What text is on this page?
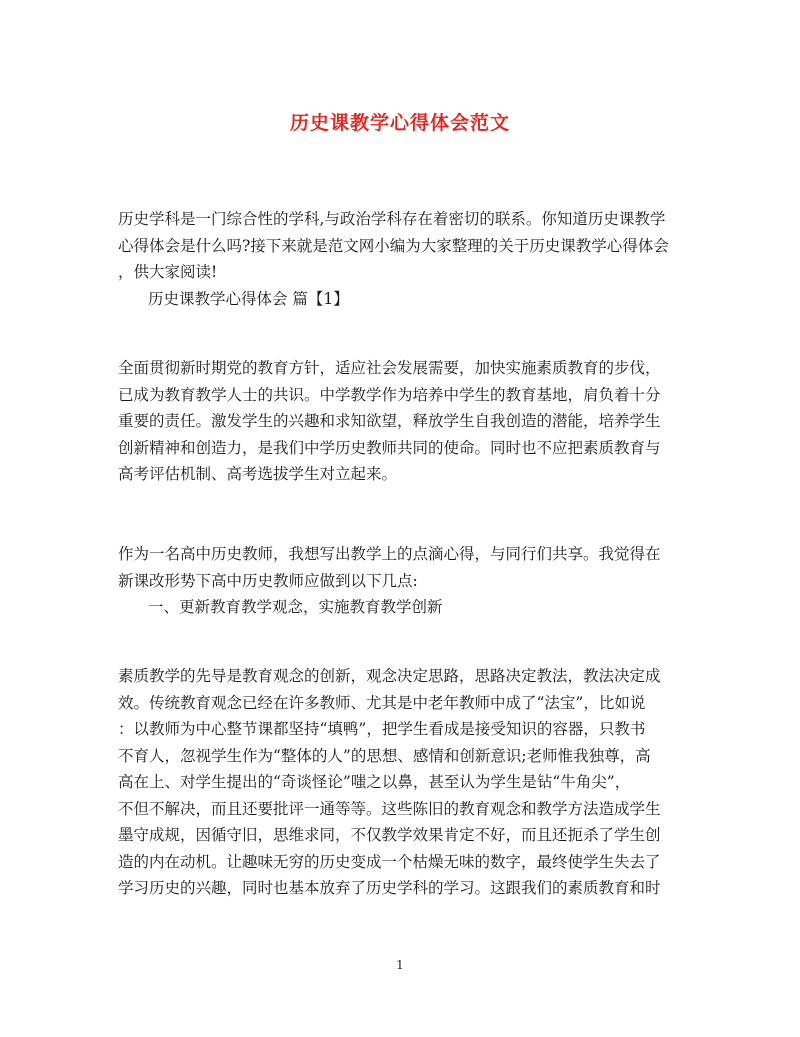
历史课教学心得体会范文

历史学科是一门综合性的学科,与政治学科存在着密切的联系。你知道历史课教学
心得体会是什么吗?接下来就是范文网小编为大家整理的关于历史课教学心得体会
，供大家阅读!
历史课教学心得体会 篇【1】

全面贯彻新时期党的教育方针，适应社会发展需要，加快实施素质教育的步伐，
已成为教育教学人士的共识。中学教学作为培养中学生的教育基地，肩负着十分
重要的责任。激发学生的兴趣和求知欲望，释放学生自我创造的潜能，培养学生
创新精神和创造力，是我们中学历史教师共同的使命。同时也不应把素质教育与
高考评估机制、高考选拔学生对立起来。

作为一名高中历史教师，我想写出教学上的点滴心得，与同行们共享。我觉得在
新课改形势下高中历史教师应做到以下几点:
一、更新教育教学观念，实施教育教学创新

素质教学的先导是教育观念的创新，观念决定思路，思路决定教法，教法决定成
效。传统教育观念已经在许多教师、尤其是中老年教师中成了“法宝”，比如说
：以教师为中心整节课都坚持“填鸭”，把学生看成是接受知识的容器，只教书
不育人，忽视学生作为“整体的人”的思想、感情和创新意识;老师惟我独尊，高
高在上、对学生提出的“奇谈怪论”嗤之以鼻，甚至认为学生是钻“牛角尖”，
不但不解决，而且还要批评一通等等。这些陈旧的教育观念和教学方法造成学生
墨守成规，因循守旧，思维求同，不仅教学效果肯定不好，而且还扼杀了学生创
造的内在动机。让趣味无穷的历史变成一个枯燥无味的数字，最终使学生失去了
学习历史的兴趣，同时也基本放弃了历史学科的学习。这跟我们的素质教育和时

1
